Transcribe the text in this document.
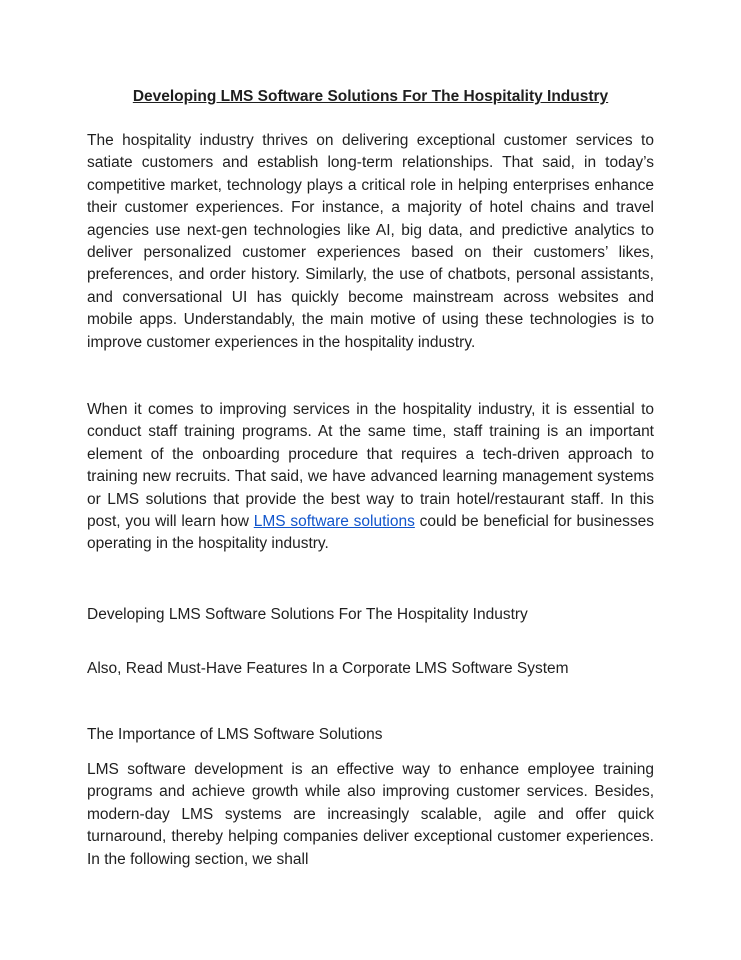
Developing LMS Software Solutions For The Hospitality Industry

The hospitality industry thrives on delivering exceptional customer services to satiate customers and establish long-term relationships. That said, in today’s competitive market, technology plays a critical role in helping enterprises enhance their customer experiences. For instance, a majority of hotel chains and travel agencies use next-gen technologies like AI, big data, and predictive analytics to deliver personalized customer experiences based on their customers’ likes, preferences, and order history. Similarly, the use of chatbots, personal assistants, and conversational UI has quickly become mainstream across websites and mobile apps. Understandably, the main motive of using these technologies is to improve customer experiences in the hospitality industry.

When it comes to improving services in the hospitality industry, it is essential to conduct staff training programs. At the same time, staff training is an important element of the onboarding procedure that requires a tech-driven approach to training new recruits. That said, we have advanced learning management systems or LMS solutions that provide the best way to train hotel/restaurant staff. In this post, you will learn how LMS software solutions could be beneficial for businesses operating in the hospitality industry.

Developing LMS Software Solutions For The Hospitality Industry

Also, Read Must-Have Features In a Corporate LMS Software System

The Importance of LMS Software Solutions

LMS software development is an effective way to enhance employee training programs and achieve growth while also improving customer services. Besides, modern-day LMS systems are increasingly scalable, agile and offer quick turnaround, thereby helping companies deliver exceptional customer experiences. In the following section, we shall
